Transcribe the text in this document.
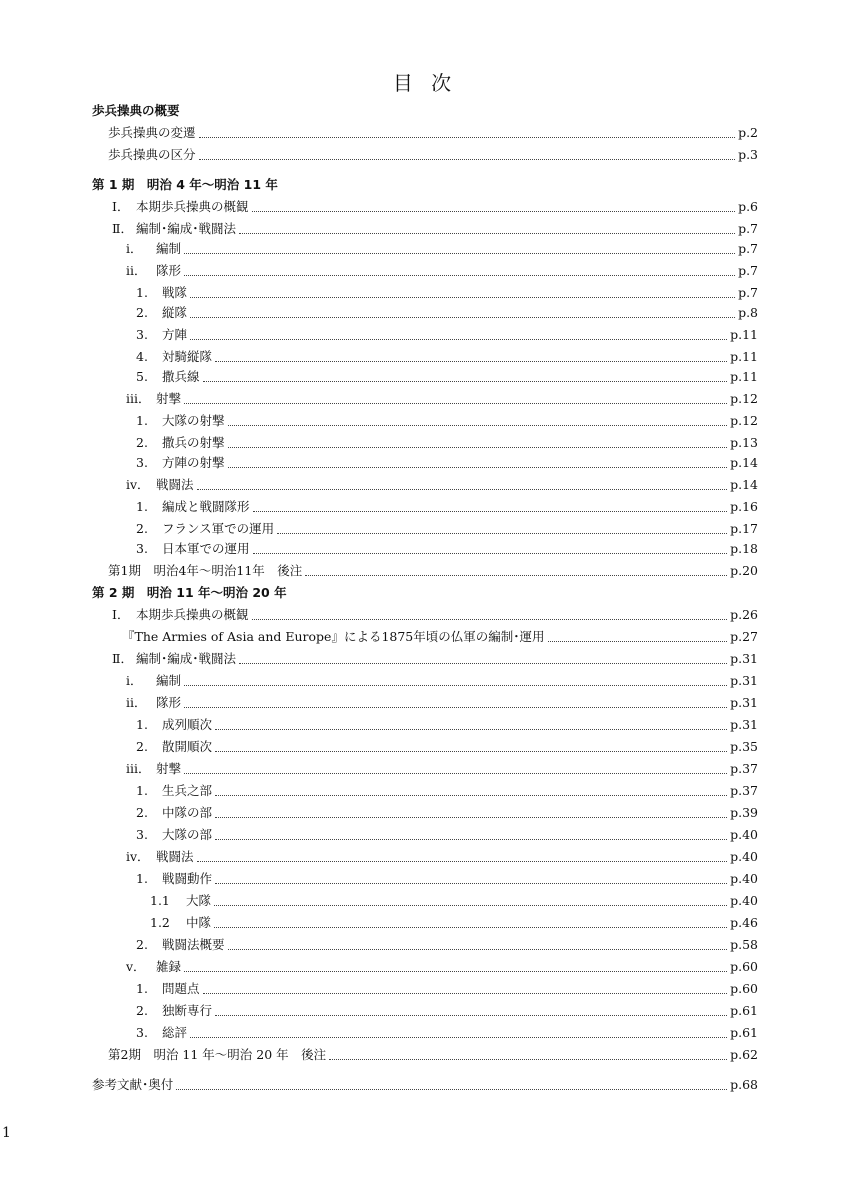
目 次
歩兵操典の概要
歩兵操典の変遷	p.2
歩兵操典の区分	p.3
第 1 期　明治 4 年〜明治 11 年
Ⅰ． 本期歩兵操典の概観	p.6
Ⅱ． 編制･編成･戦闘法	p.7
ⅰ．	編制	p.7
ⅱ． 隊形	p.7
1.	戦隊	p.7
2.	縦隊	p.8
3.	方陣	p.11
4.	対騎縦隊	p.11
5.	撒兵線	p.11
ⅲ． 射撃	p.12
1.	大隊の射撃	p.12
2.	撒兵の射撃	p.13
3.	方陣の射撃	p.14
ⅳ． 戦闘法	p.14
1.	編成と戦闘隊形	p.16
2.	フランス軍での運用	p.17
3.	日本軍での運用	p.18
第1期　明治4年〜明治11年　後注	p.20
第 2 期　明治 11 年〜明治 20 年
Ⅰ． 本期歩兵操典の概観	p.26
『The Armies of Asia and Europe』による1875年頃の仏軍の編制･運用	p.27
Ⅱ． 編制･編成･戦闘法	p.31
ⅰ．	編制	p.31
ⅱ． 隊形	p.31
1.	成列順次	p.31
2.	散開順次	p.35
ⅲ． 射撃	p.37
1.	生兵之部	p.37
2.	中隊の部	p.39
3.	大隊の部	p.40
ⅳ． 戦闘法	p.40
1.	戦闘動作	p.40
1.1	大隊	p.40
1.2	中隊	p.46
2.	戦闘法概要	p.58
ⅴ． 雑録	p.60
1.	問題点	p.60
2.	独断専行	p.61
3.	総評	p.61
第2期　明治 11 年〜明治 20 年　後注	p.62
参考文献･奥付	p.68
1
